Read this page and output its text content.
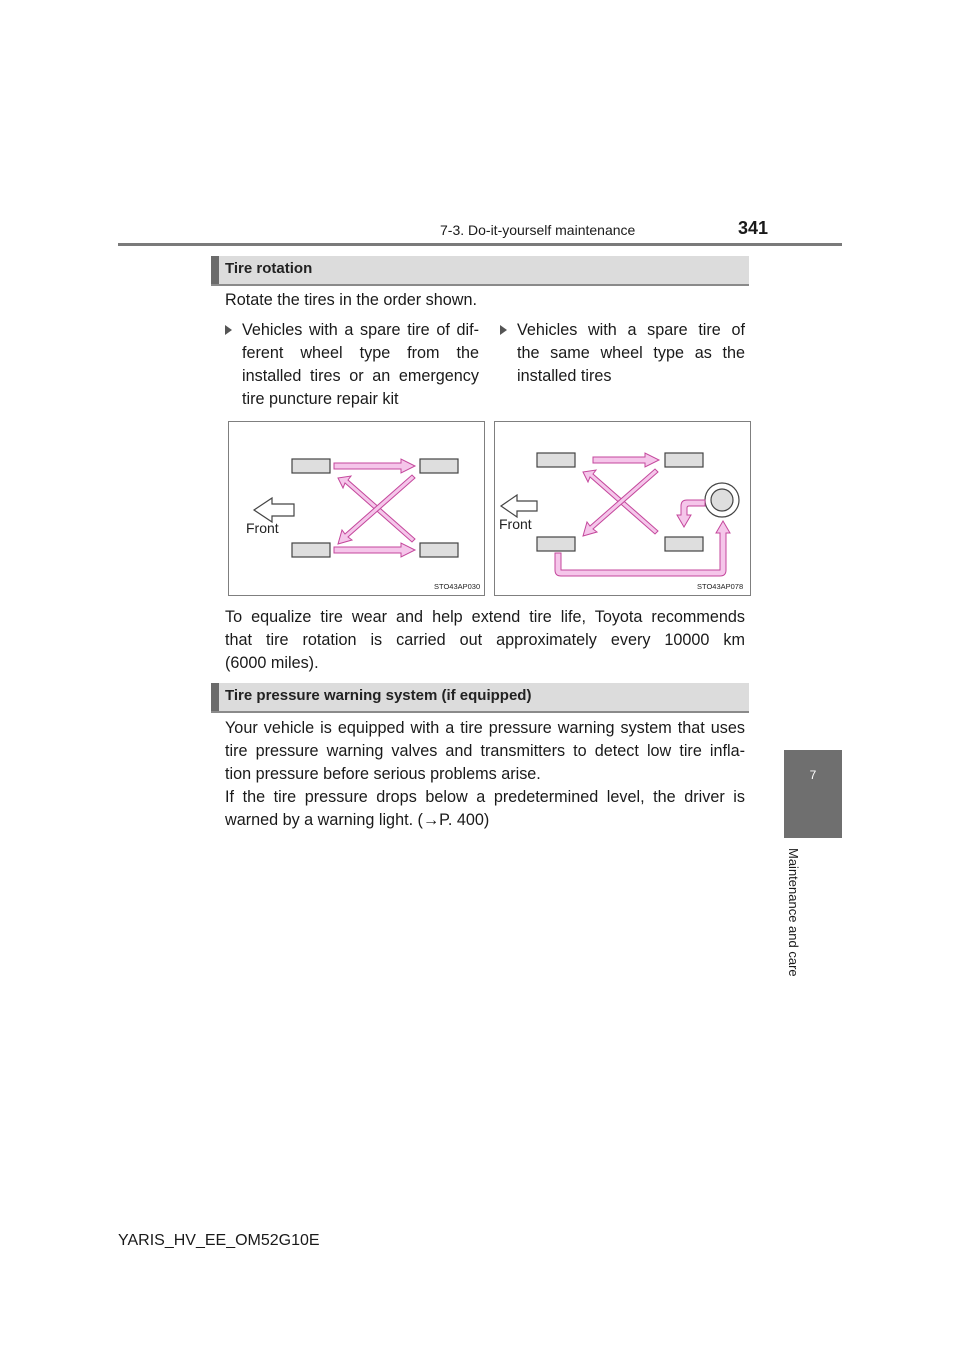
7-3. Do-it-yourself maintenance	341
7
Maintenance and care
Tire rotation
Rotate the tires in the order shown.
Vehicles with a spare tire of dif-
ferent wheel type from the
installed tires or an emergency
tire puncture repair kit
Vehicles with a spare tire of
the same wheel type as the
installed tires
Front
STO43AP030
Front
STO43AP078
To equalize tire wear and help extend tire life, Toyota recommends
that tire rotation is carried out approximately every 10000 km
(6000 miles).
Tire pressure warning system (if equipped)
Your vehicle is equipped with a tire pressure warning system that uses
tire pressure warning valves and transmitters to detect low tire infla-
tion pressure before serious problems arise.
If the tire pressure drops below a predetermined level, the driver is
warned by a warning light. (→P. 400)
YARIS_HV_EE_OM52G10E
